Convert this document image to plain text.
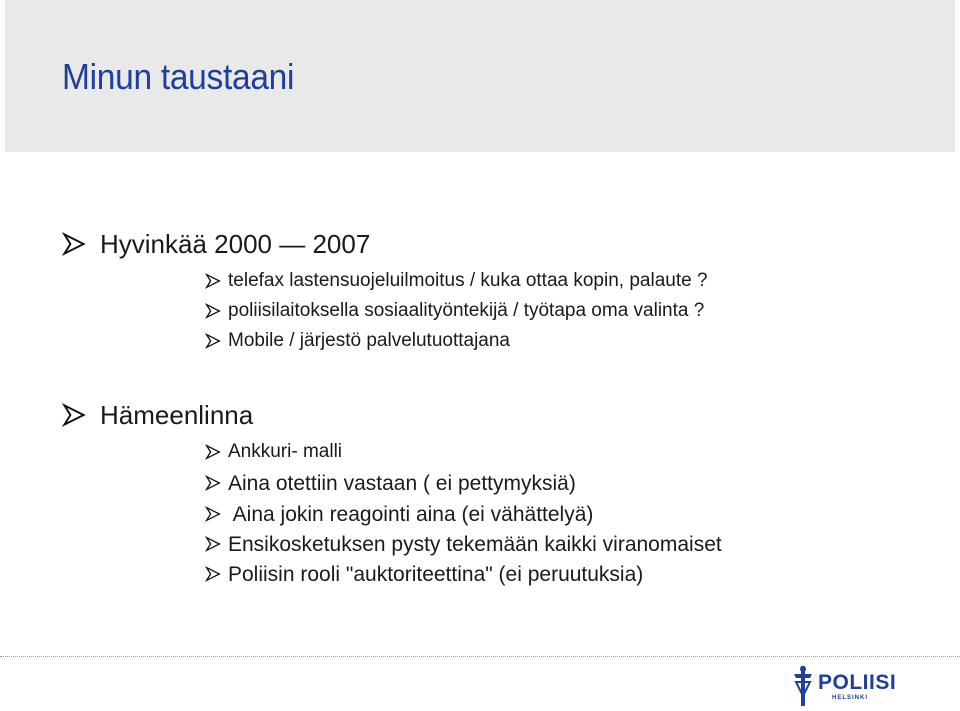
Minun taustaani
Hyvinkää 2000 — 2007
telefax lastensuojeluilmoitus / kuka ottaa kopin, palaute ?
poliisilaitoksella sosiaalityöntekijä / työtapa oma valinta ?
Mobile / järjestö palvelutuottajana
Hämeenlinna
Ankkuri- malli
Aina otettiin vastaan ( ei pettymyksiä)
Aina jokin reagointi aina (ei vähättelyä)
Ensikosketuksen pysty tekemään kaikki viranomaiset
Poliisin rooli "auktoriteettina" (ei peruutuksia)
POLIISI
HELSINKI
